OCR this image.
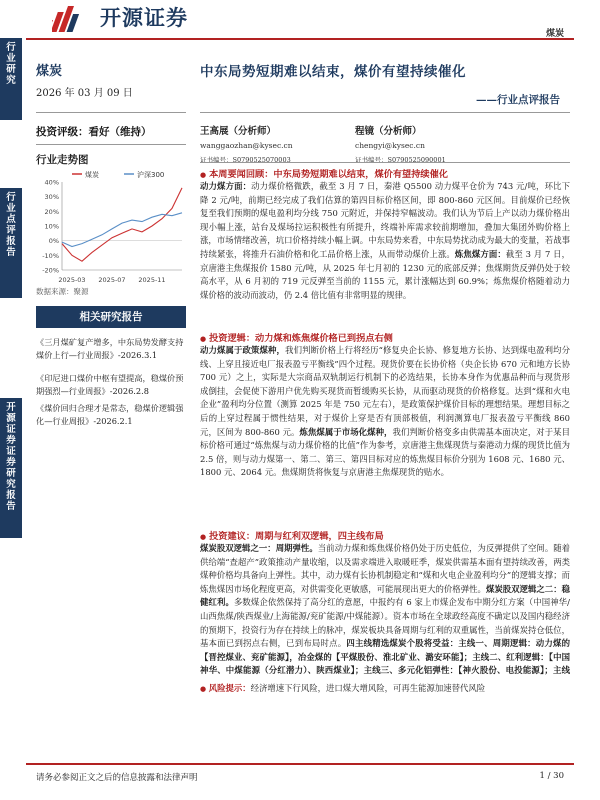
开源证券
煤炭
行业研究
行业点评报告
开源证券 证券研究报告
煤炭
2026 年 03 月 09 日
投资评级：看好（维持）
行业走势图
煤炭	沪深300
40%
30%
20%
10%
0%
-10%
-20%
2025-03 2025-07 2025-11
数据来源：聚源
相关研究报告
《三月煤矿复产增多，中东局势发酵支持煤价上行—行业周报》-2026.3.1
《印尼进口煤价中枢有望提高，稳煤价预期强烈—行业周报》-2026.2.8
《煤价回归合理才是常态，稳煤价逻辑强化—行业周报》-2026.2.1
中东局势短期难以结束，煤价有望持续催化
——行业点评报告
王高展（分析师）
wanggaozhan@kysec.cn
证书编号：S0790525070003
程镜（分析师）
chengyi@kysec.cn
证书编号：S0790525090001
● 本周要闻回顾：中东局势短期难以结束，煤价有望持续催化
动力煤方面：动力煤价格微跌，截至 3 月 7 日，秦港 Q5500 动力煤平仓价为 743 元/吨，环比下降 2 元/吨，前期已经完成了我们估算的第四目标价格区间，即 800-860 元区间。目前煤价已经恢复至我们预期的煤电盈利均分线 750 元附近，并保持窄幅波动。我们认为节后上产以动力煤价格出现小幅上涨，站台及煤场拉运积极性有所提升，终端补库需求较前期增加，叠加大集团外购价格上涨，市场情绪改善，坑口价格持续小幅上调。中东局势来看，中东局势扰动成为最大的变量，若战事持续紧张，将推升石油价格和化工品价格上涨，从而带动煤价上涨。炼焦煤方面：截至 3 月 7 日，京唐港主焦煤报价 1580 元/吨，从 2025 年七月初的 1230 元的底部反弹；焦煤期货反弹仍处于较高水平，从 6 月初的 719 元反弹至当前的 1155 元，累计涨幅达到 60.9%；炼焦煤价格随着动力煤价格的波动而波动，仍 2.4 倍比值有非常明显的规律。
● 投资逻辑：动力煤和炼焦煤价格已到拐点右侧
动力煤属于政策煤种，我们判断价格上行将经历“修复央企长协、修复地方长协、达到煤电盈利均分线、上穿且接近电厂报表盈亏平衡线”四个过程。现货价要在长协价格（央企长协 670 元和地方长协 700 元）之上，实际是大宗商品双轨制运行机制下的必选结果，长协本身作为优惠品种而与现货形成倒挂，会促使下游用户优先购买现货而暂缓购买长协，从而驱动现货的价格修复。达到“煤和火电企业”盈利均分位置（测算 2025 年是 750 元左右），是政策保护煤价目标的理想结果。理想目标之后的上穿过程属于惯性结果，对于煤价上穿是否有顶部极值，利润测算电厂报表盈亏平衡线 860 元，区间为 800-860 元。炼焦煤属于市场化煤种，我们判断价格变多由供需基本面决定，对于某目标价格可通过“炼焦煤与动力煤价格的比值”作为参考，京唐港主焦煤现货与秦港动力煤的现货比值为 2.5 倍，则与动力煤第一、第二、第三、第四目标对应的炼焦煤目标价分别为 1608 元、1680 元、1800 元、2064 元。焦煤期货将恢复与京唐港主焦煤现货的贴水。
● 投资建议：周期与红利双逻辑，四主线布局
煤炭股双逻辑之一：周期弹性。当前动力煤和炼焦煤价格仍处于历史低位，为反弹提供了空间。随着供给端“查超产”政策推动产量收缩，以及需求端进入取暖旺季，煤炭供需基本面有望持续改善，两类煤种价格均具备向上弹性。其中，动力煤有长协机制稳定和“煤和火电企业盈利均分”的逻辑支撑；而炼焦煤因市场化程度更高，对供需变化更敏感，可能展现出更大的价格弹性。煤炭股双逻辑之二：稳健红利。多数煤企依然保持了高分红的意愿，中报约有 6 家上市煤企发布中期分红方案（中国神华/山西焦煤/陕西煤业/上海能源/兖矿能源/中煤能源）。资本市场在全球政经高度不确定以及国内稳经济的预期下，投资行为存在持续上的脉冲，煤炭板块具备周期与红利的双重属性，当前煤炭持仓低位，基本面已到拐点右侧，已到布局时点。四主线精选煤炭个股将受益：主线一、周期逻辑：动力煤的【晋控煤业、兖矿能源】，冶金煤的【平煤股份、淮北矿业、潞安环能】；主线二、红利逻辑：【中国神华、中煤能源（分红潜力）、陕西煤业】；主线三、多元化铝弹性：【神火股份、电投能源】；主线
● 风险提示：经济增速下行风险，进口煤大增风险，可再生能源加速替代风险
请务必参阅正文之后的信息披露和法律声明	1 / 30
